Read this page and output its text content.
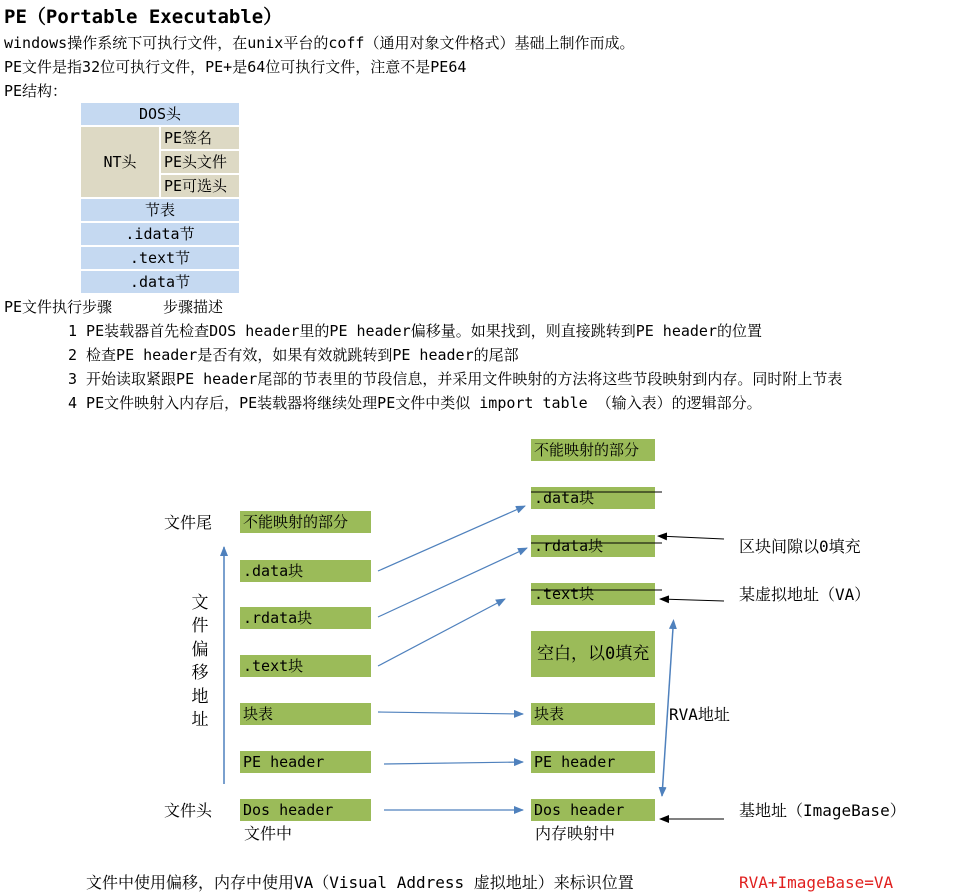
PE（Portable Executable）
windows操作系统下可执行文件，在unix平台的coff（通用对象文件格式）基础上制作而成。
PE文件是指32位可执行文件，PE+是64位可执行文件，注意不是PE64
PE结构：
DOS头
NT头
PE签名
PE头文件
PE可选头
节表
.idata节
.text节
.data节
PE文件执行步骤	步骤描述
1 PE装载器首先检查DOS header里的PE header偏移量。如果找到，则直接跳转到PE header的位置
2 检查PE header是否有效，如果有效就跳转到PE header的尾部
3 开始读取紧跟PE header尾部的节表里的节段信息，并采用文件映射的方法将这些节段映射到内存。同时附上节表
4 PE文件映射入内存后，PE装载器将继续处理PE文件中类似 import table （输入表）的逻辑部分。
文件尾
文件头
文
件
偏
移
地
址
不能映射的部分
.data块
.rdata块
.text块
块表
PE header
Dos header
文件中
不能映射的部分
.data块
.rdata块
.text块
空白，以0填充
块表
PE header
Dos header
内存映射中
RVA地址
区块间隙以0填充
某虚拟地址（VA）
基地址（ImageBase）
文件中使用偏移，内存中使用VA（Visual Address 虚拟地址）来标识位置	RVA+ImageBase=VA
